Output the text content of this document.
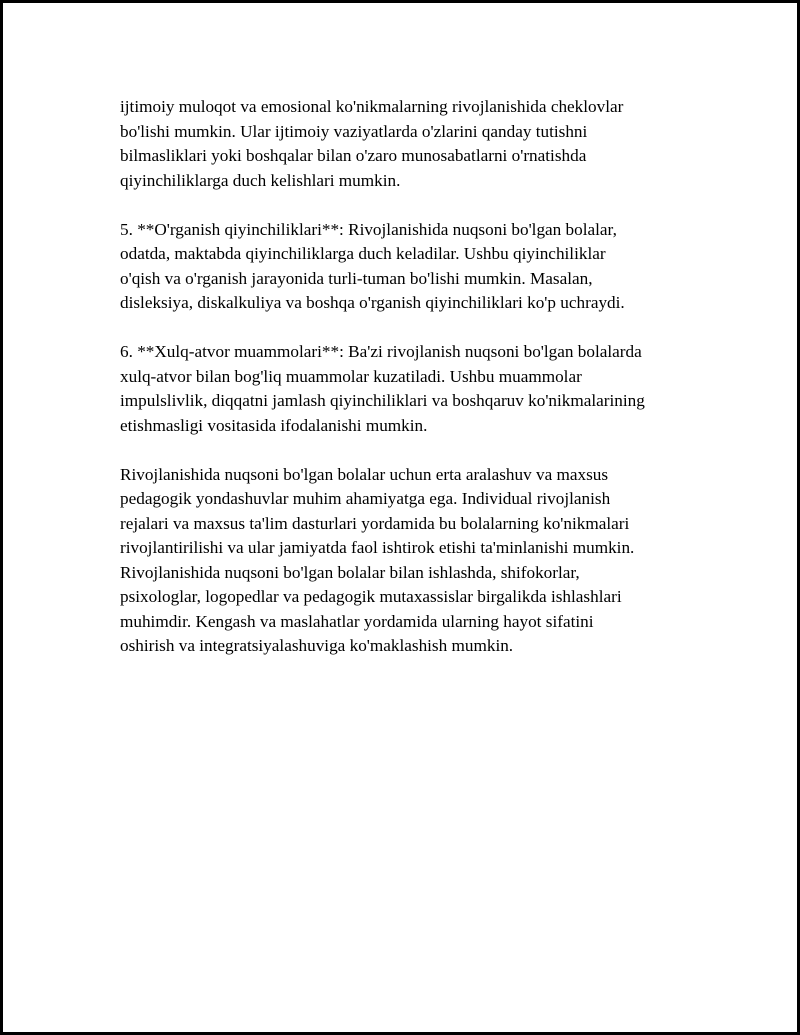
ijtimoiy muloqot va emosional ko'nikmalarning rivojlanishida cheklovlar
bo'lishi mumkin. Ular ijtimoiy vaziyatlarda o'zlarini qanday tutishni
bilmasliklari yoki boshqalar bilan o'zaro munosabatlarni o'rnatishda
qiyinchiliklarga duch kelishlari mumkin.

5. **O'rganish qiyinchiliklari**: Rivojlanishida nuqsoni bo'lgan bolalar,
odatda, maktabda qiyinchiliklarga duch keladilar. Ushbu qiyinchiliklar
o'qish va o'rganish jarayonida turli-tuman bo'lishi mumkin. Masalan,
disleksiya, diskalkuliya va boshqa o'rganish qiyinchiliklari ko'p uchraydi.

6. **Xulq-atvor muammolari**: Ba'zi rivojlanish nuqsoni bo'lgan bolalarda
xulq-atvor bilan bog'liq muammolar kuzatiladi. Ushbu muammolar
impulslivlik, diqqatni jamlash qiyinchiliklari va boshqaruv ko'nikmalarining
etishmasligi vositasida ifodalanishi mumkin.

Rivojlanishida nuqsoni bo'lgan bolalar uchun erta aralashuv va maxsus
pedagogik yondashuvlar muhim ahamiyatga ega. Individual rivojlanish
rejalari va maxsus ta'lim dasturlari yordamida bu bolalarning ko'nikmalari
rivojlantirilishi va ular jamiyatda faol ishtirok etishi ta'minlanishi mumkin.
Rivojlanishida nuqsoni bo'lgan bolalar bilan ishlashda, shifokorlar,
psixologlar, logopedlar va pedagogik mutaxassislar birgalikda ishlashlari
muhimdir. Kengash va maslahatlar yordamida ularning hayot sifatini
oshirish va integratsiyalashuviga ko'maklashish mumkin.
